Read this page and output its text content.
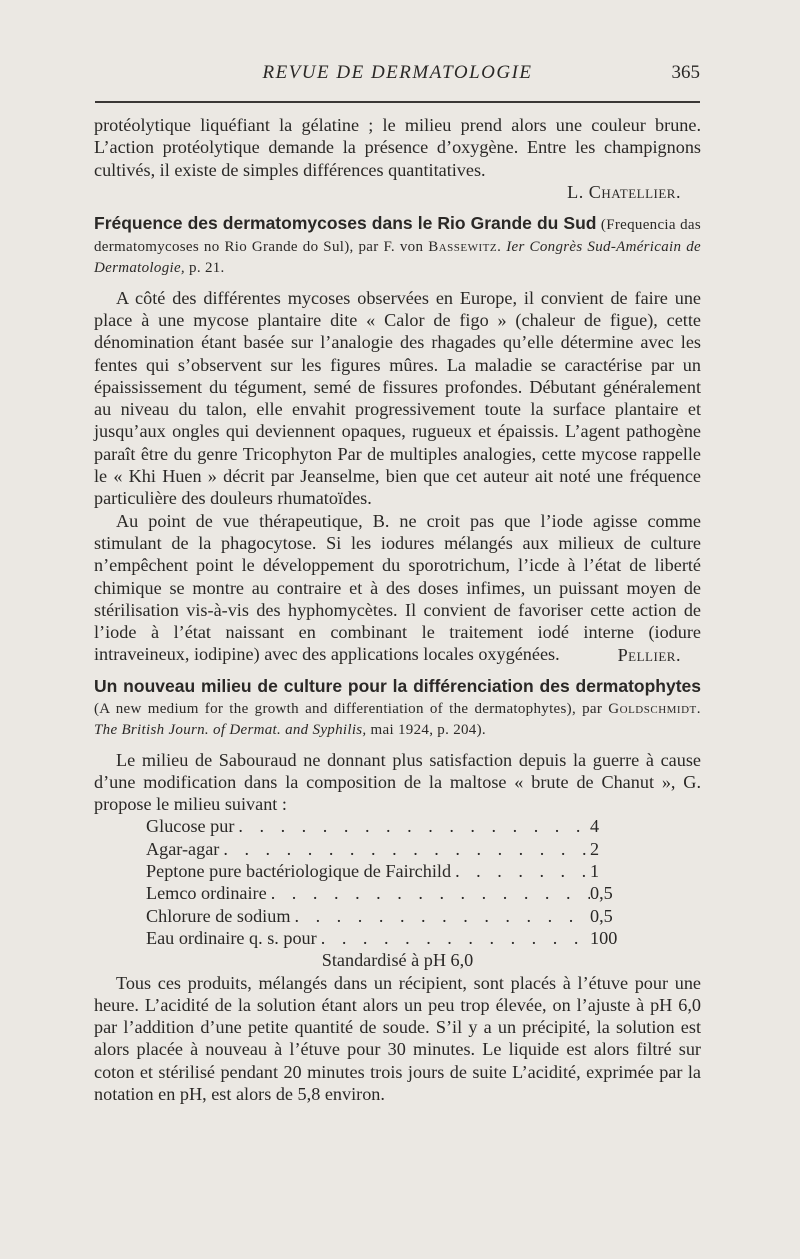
REVUE DE DERMATOLOGIE	365

protéolytique liquéfiant la gélatine ; le milieu prend alors une couleur brune. L’action protéolytique demande la présence d’oxygène. Entre les champignons cultivés, il existe de simples différences quantitatives.

L. Chatellier.

Fréquence des dermatomycoses dans le Rio Grande du Sud (Frequencia das dermatomycoses no Rio Grande do Sul), par F. von Bassewitz. Ier Congrès Sud-Américain de Dermatologie, p. 21.

A côté des différentes mycoses observées en Europe, il convient de faire une place à une mycose plantaire dite « Calor de figo » (chaleur de figue), cette dénomination étant basée sur l’analogie des rhagades qu’elle détermine avec les fentes qui s’observent sur les figures mûres. La maladie se caractérise par un épaississement du tégument, semé de fissures profondes. Débutant généralement au niveau du talon, elle envahit progressivement toute la surface plantaire et jusqu’aux ongles qui deviennent opaques, rugueux et épaissis. L’agent pathogène paraît être du genre Tricophyton Par de multiples analogies, cette mycose rappelle le « Khi Huen » décrit par Jeanselme, bien que cet auteur ait noté une fréquence particulière des douleurs rhumatoïdes.

Au point de vue thérapeutique, B. ne croit pas que l’iode agisse comme stimulant de la phagocytose. Si les iodures mélangés aux milieux de culture n’empêchent point le développement du sporotrichum, l’icde à l’état de liberté chimique se montre au contraire et à des doses infimes, un puissant moyen de stérilisation vis-à-vis des hyphomycètes. Il convient de favoriser cette action de l’iode à l’état naissant en combinant le traitement iodé interne (iodure intraveineux, iodipine) avec des applications locales oxygénées.	Pellier.

Un nouveau milieu de culture pour la différenciation des dermatophytes (A new medium for the growth and differentiation of the dermatophytes), par Goldschmidt. The British Journ. of Dermat. and Syphilis, mai 1924, p. 204).

Le milieu de Sabouraud ne donnant plus satisfaction depuis la guerre à cause d’une modification dans la composition de la maltose « brute de Chanut », G. propose le milieu suivant :

Glucose pur . . .	4
Agar-agar . . .	2
Peptone pure bactériologique de Fairchild . . .	1
Lemco ordinaire . . .	0,5
Chlorure de sodium . . .	0,5
Eau ordinaire q. s. pour . . .	100

Standardisé à pH 6,0

Tous ces produits, mélangés dans un récipient, sont placés à l’étuve pour une heure. L’acidité de la solution étant alors un peu trop élevée, on l’ajuste à pH 6,0 par l’addition d’une petite quantité de soude. S’il y a un précipité, la solution est alors placée à nouveau à l’étuve pour 30 minutes. Le liquide est alors filtré sur coton et stérilisé pendant 20 minutes trois jours de suite L’acidité, exprimée par la notation en pH, est alors de 5,8 environ.
